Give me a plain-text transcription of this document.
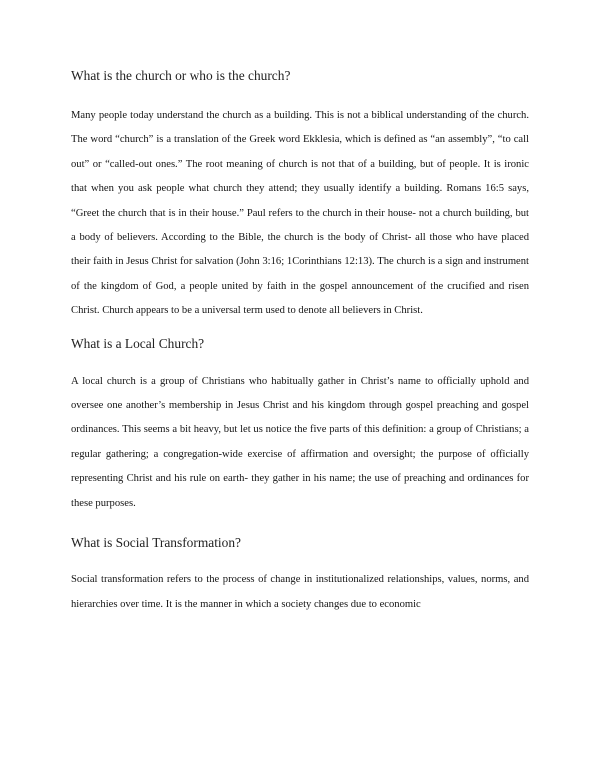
What is the church or who is the church?

Many people today understand the church as a building. This is not a biblical understanding of the church. The word “church” is a translation of the Greek word Ekklesia, which is defined as “an assembly”, “to call out” or “called-out ones.” The root meaning of church is not that of a building, but of people. It is ironic that when you ask people what church they attend; they usually identify a building. Romans 16:5 says, “Greet the church that is in their house.” Paul refers to the church in their house- not a church building, but a body of believers. According to the Bible, the church is the body of Christ- all those who have placed their faith in Jesus Christ for salvation (John 3:16; 1Corinthians 12:13). The church is a sign and instrument of the kingdom of God, a people united by faith in the gospel announcement of the crucified and risen Christ. Church appears to be a universal term used to denote all believers in Christ.

What is a Local Church?

A local church is a group of Christians who habitually gather in Christ’s name to officially uphold and oversee one another’s membership in Jesus Christ and his kingdom through gospel preaching and gospel ordinances. This seems a bit heavy, but let us notice the five parts of this definition: a group of Christians; a regular gathering; a congregation-wide exercise of affirmation and oversight; the purpose of officially representing Christ and his rule on earth- they gather in his name; the use of preaching and ordinances for these purposes.

What is Social Transformation?

Social transformation refers to the process of change in institutionalized relationships, values, norms, and hierarchies over time. It is the manner in which a society changes due to economic
